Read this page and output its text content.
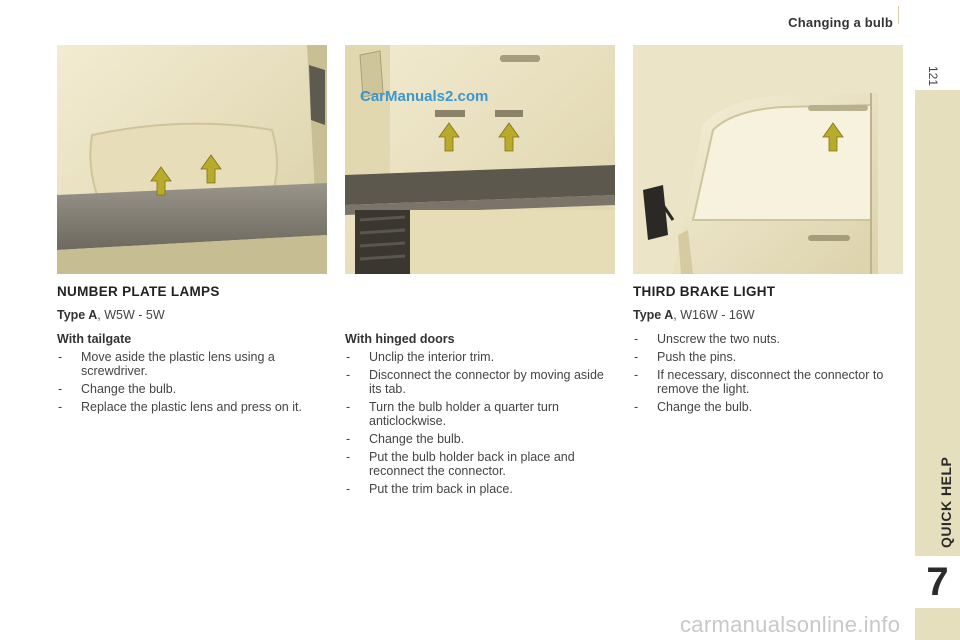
Changing a bulb
121
QUICK HELP
7
CarManuals2.com
NUMBER PLATE LAMPS	THIRD BRAKE LIGHT
Type A, W5W - 5W	Type A, W16W - 16W
With tailgate
- Move aside the plastic lens using a screwdriver.
- Change the bulb.
- Replace the plastic lens and press on it.
With hinged doors
- Unclip the interior trim.
- Disconnect the connector by moving aside its tab.
- Turn the bulb holder a quarter turn anticlockwise.
- Change the bulb.
- Put the bulb holder back in place and reconnect the connector.
- Put the trim back in place.
- Unscrew the two nuts.
- Push the pins.
- If necessary, disconnect the connector to remove the light.
- Change the bulb.
carmanualsonline.info
